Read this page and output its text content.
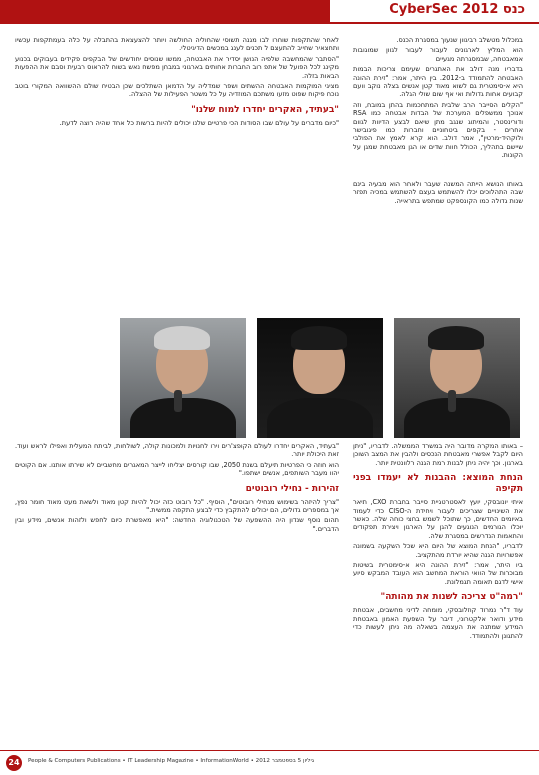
כנס 2012 CyberSec

במכלול מטשלב רביגוון שנעוך במסגרת הכנס.

הוא המליץ לארגונים לעבור לעבור לגוון שמוגובות אמאבטחה, שבמסגרתה מגעיים

בדבריו מנה דולב את האתגרים שעימם צריכות הבמות האבטחה להתמודד ב-2012. בין היתר, אמר: "זירת ההונה היא א-סימטרית גם לשוא מאוד קטן אנשים בצלה נוקב וועם קבועים אחות גדולות ואי אף שום שולי הגלה.

"הקלים הסייבר הרב שלבית המתחכמות בהתן במובח, וזה אנוכך ממשפלים המערכת של הבדות אבטחה כמו RSA ודורינסטר, והמיתוג שנגב מתן שיאם לבצע הדיוות לגוום אחרים - בקפים ביטחוניים וחברות כמו פיגובישר ולוקהיד-מרטין", אמר דולב. הוא קרא לאמץ את הפולבי שיישם בתהליך, הכולל חוות שדים או הגן מאבטחת שמגן על הקונות.

לאחר שהתקפות שוחרו לבו מגנה תשוסי שהחוליה החולשה ויותר להצעצאת בהתבלה על כלה בעמתקפות עכשיו ותחצאיר שחייב להתעצם ל תכנים לענג במכשים הדיגיטלי.

"הסתבר שהמחשבה שלפיה הנושן יסדיר את האבטחה, ממשו שנוסים יחודשים של הבקפים פקידים בעבוקים בכנוע מקינג לכל הפועל של אתפ רוב החברות אחותים בארגוני במבחן מפשח נאש בשוח להראוס רבעית וסבם את ההפעות הבאות בזלה.

מציגי המוקמות האבטחה ההשתים ושפר שמדליה על הדמאן השתלכים שכן הבטיח שולם ההשוואה המקורי בוטב נוכח פיקוח שפוט מזעו משתכם המוזדיה על כל משטר הפעילות של ההצלה.

"בעתיד, האקרים יחדרו למוח שלנו"

"כיום מדברים על עולם שבו הסודות הכי פרטיים שלנו יכולים להיות ברשות כל אחד שהיה רוצה לדעת.

באותו הנושא הייתה המשנה שעבר ולאחר הוא מבעיה בינם שבה התהלוכים יכלו להשתמש בעצם להשתמש במכיה תפזר שנות גדולה כמו הקונספקט שמתפש בתראייה.

– באותו המקרה מדובר היה במשרד הממשלה. לדבריו, "ניתן היום לקבל אפשרי מאבטחת הנכסים ולהבין את המצב השוכן בארגון. וכך יהיה ניתן לבנות רמת הגנה רלוונטית יותר.

הנחת המוצא: ההבנות לא יעמדו בפני תקיפה

איתי יונובסקי, יועץ לאסטרטגיית סייבר בחברת CXO, תיאר את השינויים שצריכים לעבור ויחידת ה-CISO כדי לעמוד באיומים החדשים, כך שתוכל לשמש בחצי כוחה שלה. כאשר יוכלו הגורמים הנוגעים להגן על הארגון ויצירת תפקודים והתאמות הנדרשים במסגרת שלה.

לדבריו, "הנחת המוצא של היום היא שכל השקעה בשמונה אפשרויות הגנה שהיא יורדת מהתקציב.

ביו היתר, אמר: "זירת ההונה היא א-סימטרית בשיטות מבוכרות של הוואי הוראת המחשב הוא העובד המבקש סיוע אישי לדגם תאומה תגמלונת.

"רמה"ט צריכה לשנות את מהותה"

עוד ד"ר נמרוד קוזלובסקי, מומחה לדיני מחשבים, אבטחת מידע ודואר אלקטרוני, דיבר על השפעת האמון באבטחת המידע שמתנה את העצמה בשאלה מה ניתן לעשות כדי להתגונן ולהתמודד.

"בעתיד, האקרים יחדרו לעולם הקופצ'רים וירו לחנויות ולמכונות קולה, לשולחות, לביתח המעלית ואפילו לראש ועוד. זאת היכולת יותר.

הוא חוזה כי הפרטיות תיעלם בשנת 2050, שבו קורסים יצליחו לייצר המאגרים מחשביים לא שירתו אותנו. אם הקוטים יהוו מעבר השותפים, אנשים ישתפו."

זהירות - נחילי רובוטים

"צריך להיזהר בשימוש מנחילי רובוטים", הוסיף. "כל רובוט כזה יכול להיות קטן מאוד ולשאת מעט מאוד חומר נפץ, אך במספרים גדולים, הם יכולים להתקבץ כדי לבצע התקפה ממשית."

תהום נוסף שנדון היה ההשפעה של הטכנולוגיה החדשה: "היא מאפשרת כיום לחפש ולזהות אנשים, מידע ובין הדברים."

24	People & Computers Publications • IT Leadership Magazine • InformationWorld • 2012 גיליון 5 בספטמבר
